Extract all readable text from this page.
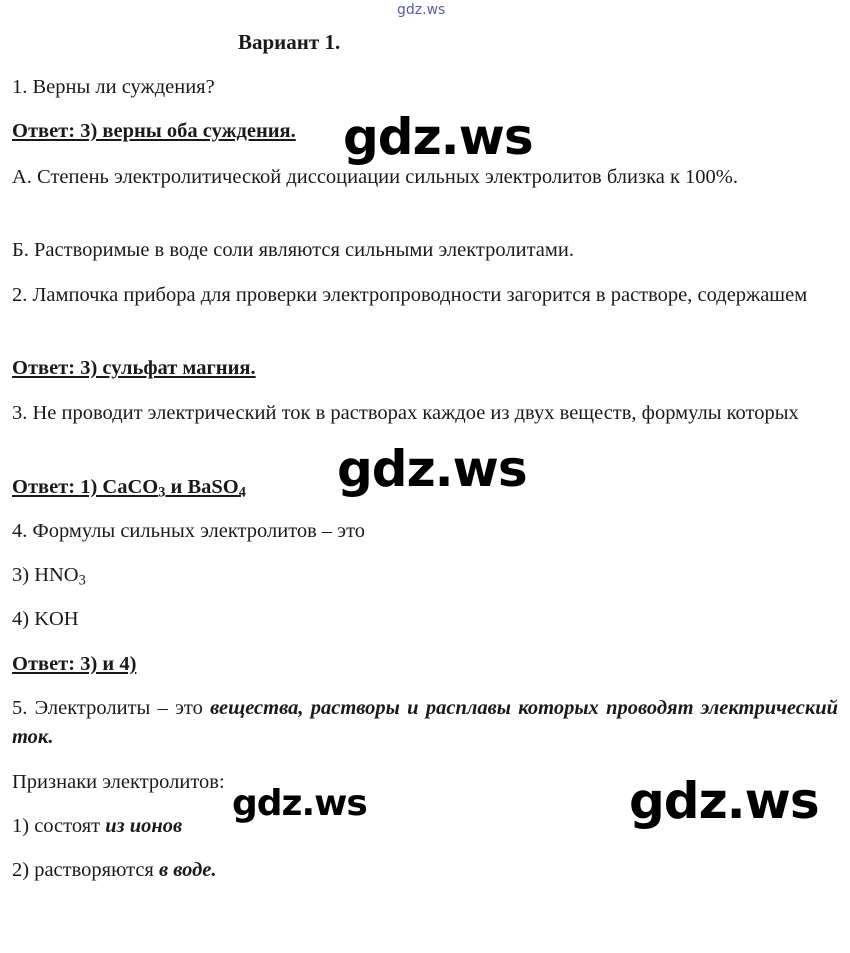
gdz.ws

Вариант 1.

1. Верны ли суждения?

Ответ: 3) верны оба суждения.

А. Степень электролитической диссоциации сильных электролитов близка к 100%.

Б. Растворимые в воде соли являются сильными электролитами.

2. Лампочка прибора для проверки электропроводности загорится в растворе, содержашем

Ответ: 3) сульфат магния.

3. Не проводит электрический ток в растворах каждое из двух веществ, формулы которых

Ответ: 1) CaCO$_3$ и BaSO$_4$

4. Формулы сильных электролитов – это

3) $HNO_3$

4) KOH

Ответ: 3) и 4)

5. Электролиты – это вещества, растворы и расплавы которых проводят электрический ток.

Признаки электролитов:

1) состоят из ионов

2) растворяются в воде.

gdz.ws
gdz.ws
gdz.ws	gdz.ws
